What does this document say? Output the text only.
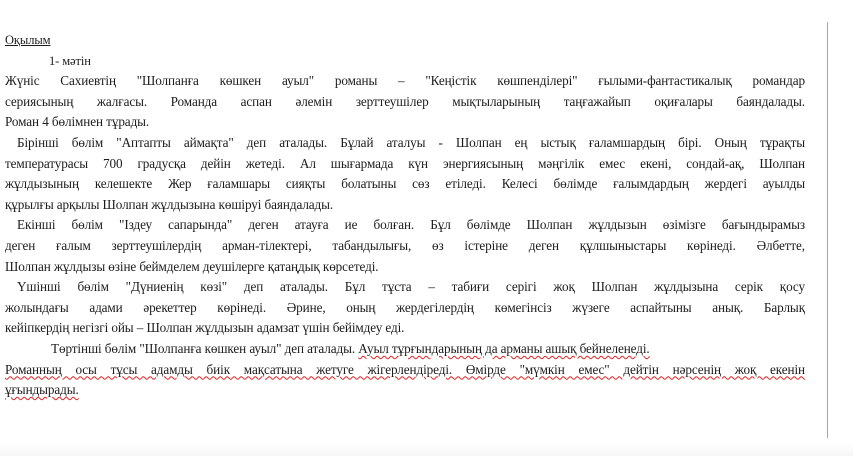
Оқылым
1- мәтін
Жүніс Сахиевтің "Шолпанға көшкен ауыл" романы – "Кеңістік көшпенділері" ғылыми-фантастикалық романдар
сериясының жалғасы. Романда аспан әлемін зерттеушілер мықтыларының таңғажайып оқиғалары баяндалады.
Роман 4 бөлімнен тұрады.
Бірінші бөлім "Аптапты аймақта" деп аталады. Бұлай аталуы - Шолпан ең ыстық ғаламшардың бірі. Оның тұрақты
температурасы 700 градусқа дейін жетеді. Ал шығармада күн энергиясының мәңгілік емес екені, сондай-ақ, Шолпан
жұлдызының келешекте Жер ғаламшары сияқты болатыны сөз етіледі. Келесі бөлімде ғалымдардың жердегі ауылды
құрылғы арқылы Шолпан жұлдызына көшіруі баяндалады.
Екінші бөлім "Іздеу сапарында" деген атауға ие болған. Бұл бөлімде Шолпан жұлдызын өзімізге бағындырамыз
деген ғалым зерттеушілердің арман-тілектері, табандылығы, өз істеріне деген құлшыныстары көрінеді. Әлбетте,
Шолпан жұлдызы өзіне беймделем деушілерге қатаңдық көрсетеді.
Үшінші бөлім "Дүниенің көзі" деп аталады. Бұл тұста – табиғи серігі жоқ Шолпан жұлдызына серік қосу
жолындағы адами әрекеттер көрінеді. Әрине, оның жердегілердің көмегінсіз жүзеге аспайтыны анық. Барлық
кейіпкердің негізгі ойы – Шолпан жұлдызын адамзат үшін бейімдеу еді.
Төртінші бөлім "Шолпанға көшкен ауыл" деп аталады. Ауыл тұрғындарының да арманы ашық бейнеленеді.
Романның осы тұсы адамды биік мақсатына жетуге жігерлендіреді. Өмірде "мүмкін емес" дейтін нәрсенің жоқ екенін
ұғындырады.
